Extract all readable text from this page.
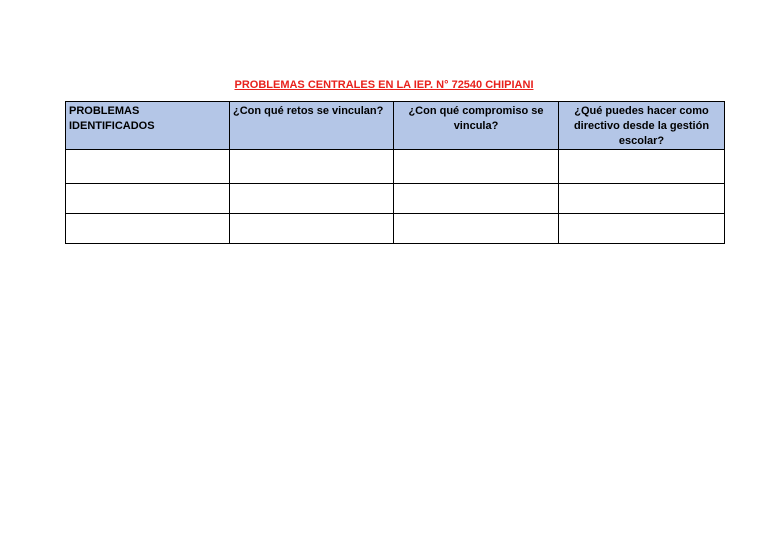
PROBLEMAS CENTRALES EN LA IEP. N° 72540 CHIPIANI
PROBLEMAS IDENTIFICADOS	¿Con qué retos se vinculan?	¿Con qué compromiso se vincula?	¿Qué puedes hacer como directivo desde la gestión escolar?
